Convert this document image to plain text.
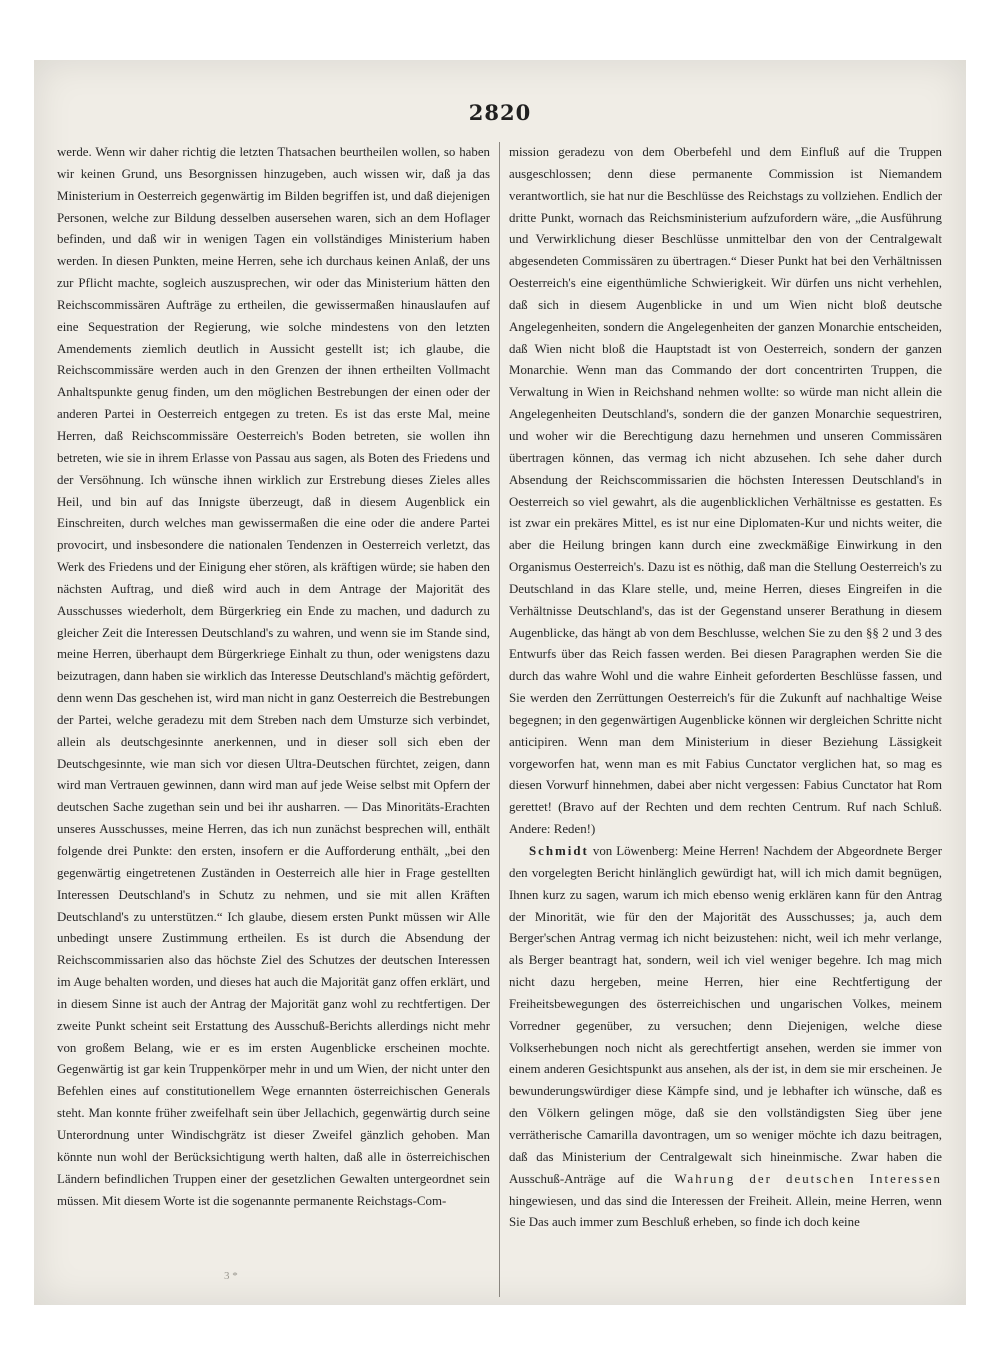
2820

werde. Wenn wir daher richtig die letzten Thatsachen beurtheilen wollen, so haben wir keinen Grund, uns Besorgnissen hinzugeben, auch wissen wir, daß ja das Ministerium in Oesterreich gegenwärtig im Bilden begriffen ist, und daß diejenigen Personen, welche zur Bildung desselben ausersehen waren, sich an dem Hoflager befinden, und daß wir in wenigen Tagen ein vollständiges Ministerium haben werden. In diesen Punkten, meine Herren, sehe ich durchaus keinen Anlaß, der uns zur Pflicht machte, sogleich auszusprechen, wir oder das Ministerium hätten den Reichscommissären Aufträge zu ertheilen, die gewissermaßen hinauslaufen auf eine Sequestration der Regierung, wie solche mindestens von den letzten Amendements ziemlich deutlich in Aussicht gestellt ist; ich glaube, die Reichscommissäre werden auch in den Grenzen der ihnen ertheilten Vollmacht Anhaltspunkte genug finden, um den möglichen Bestrebungen der einen oder der anderen Partei in Oesterreich entgegen zu treten. Es ist das erste Mal, meine Herren, daß Reichscommissäre Oesterreich's Boden betreten, sie wollen ihn betreten, wie sie in ihrem Erlasse von Passau aus sagen, als Boten des Friedens und der Versöhnung. Ich wünsche ihnen wirklich zur Erstrebung dieses Zieles alles Heil, und bin auf das Innigste überzeugt, daß in diesem Augenblick ein Einschreiten, durch welches man gewissermaßen die eine oder die andere Partei provocirt, und insbesondere die nationalen Tendenzen in Oesterreich verletzt, das Werk des Friedens und der Einigung eher stören, als kräftigen würde; sie haben den nächsten Auftrag, und dieß wird auch in dem Antrage der Majorität des Ausschusses wiederholt, dem Bürgerkrieg ein Ende zu machen, und dadurch zu gleicher Zeit die Interessen Deutschland's zu wahren, und wenn sie im Stande sind, meine Herren, überhaupt dem Bürgerkriege Einhalt zu thun, oder wenigstens dazu beizutragen, dann haben sie wirklich das Interesse Deutschland's mächtig gefördert, denn wenn Das geschehen ist, wird man nicht in ganz Oesterreich die Bestrebungen der Partei, welche geradezu mit dem Streben nach dem Umsturze sich verbindet, allein als deutschgesinnte anerkennen, und in dieser soll sich eben der Deutschgesinnte, wie man sich vor diesen Ultra-Deutschen fürchtet, zeigen, dann wird man Vertrauen gewinnen, dann wird man auf jede Weise selbst mit Opfern der deutschen Sache zugethan sein und bei ihr ausharren. — Das Minoritäts-Erachten unseres Ausschusses, meine Herren, das ich nun zunächst besprechen will, enthält folgende drei Punkte: den ersten, insofern er die Aufforderung enthält, „bei den gegenwärtig eingetretenen Zuständen in Oesterreich alle hier in Frage gestellten Interessen Deutschland's in Schutz zu nehmen, und sie mit allen Kräften Deutschland's zu unterstützen.“ Ich glaube, diesem ersten Punkt müssen wir Alle unbedingt unsere Zustimmung ertheilen. Es ist durch die Absendung der Reichscommissarien also das höchste Ziel des Schutzes der deutschen Interessen im Auge behalten worden, und dieses hat auch die Majorität ganz offen erklärt, und in diesem Sinne ist auch der Antrag der Majorität ganz wohl zu rechtfertigen. Der zweite Punkt scheint seit Erstattung des Ausschuß-Berichts allerdings nicht mehr von großem Belang, wie er es im ersten Augenblicke erscheinen mochte. Gegenwärtig ist gar kein Truppenkörper mehr in und um Wien, der nicht unter den Befehlen eines auf constitutionellem Wege ernannten österreichischen Generals steht. Man konnte früher zweifelhaft sein über Jellachich, gegenwärtig durch seine Unterordnung unter Windischgrätz ist dieser Zweifel gänzlich gehoben. Man könnte nun wohl der Berücksichtigung werth halten, daß alle in österreichischen Ländern befindlichen Truppen einer der gesetzlichen Gewalten untergeordnet sein müssen. Mit diesem Worte ist die sogenannte permanente Reichstags-Com-

mission geradezu von dem Oberbefehl und dem Einfluß auf die Truppen ausgeschlossen; denn diese permanente Commission ist Niemandem verantwortlich, sie hat nur die Beschlüsse des Reichstags zu vollziehen. Endlich der dritte Punkt, wornach das Reichsministerium aufzufordern wäre, „die Ausführung und Verwirklichung dieser Beschlüsse unmittelbar den von der Centralgewalt abgesendeten Commissären zu übertragen.“ Dieser Punkt hat bei den Verhältnissen Oesterreich's eine eigenthümliche Schwierigkeit. Wir dürfen uns nicht verhehlen, daß sich in diesem Augenblicke in und um Wien nicht bloß deutsche Angelegenheiten, sondern die Angelegenheiten der ganzen Monarchie entscheiden, daß Wien nicht bloß die Hauptstadt ist von Oesterreich, sondern der ganzen Monarchie. Wenn man das Commando der dort concentrirten Truppen, die Verwaltung in Wien in Reichshand nehmen wollte: so würde man nicht allein die Angelegenheiten Deutschland's, sondern die der ganzen Monarchie sequestriren, und woher wir die Berechtigung dazu hernehmen und unseren Commissären übertragen können, das vermag ich nicht abzusehen. Ich sehe daher durch Absendung der Reichscommissarien die höchsten Interessen Deutschland's in Oesterreich so viel gewahrt, als die augenblicklichen Verhältnisse es gestatten. Es ist zwar ein prekäres Mittel, es ist nur eine Diplomaten-Kur und nichts weiter, die aber die Heilung bringen kann durch eine zweckmäßige Einwirkung in den Organismus Oesterreich's. Dazu ist es nöthig, daß man die Stellung Oesterreich's zu Deutschland in das Klare stelle, und, meine Herren, dieses Eingreifen in die Verhältnisse Deutschland's, das ist der Gegenstand unserer Berathung in diesem Augenblicke, das hängt ab von dem Beschlusse, welchen Sie zu den §§ 2 und 3 des Entwurfs über das Reich fassen werden. Bei diesen Paragraphen werden Sie die durch das wahre Wohl und die wahre Einheit geforderten Beschlüsse fassen, und Sie werden den Zerrüttungen Oesterreich's für die Zukunft auf nachhaltige Weise begegnen; in den gegenwärtigen Augenblicke können wir dergleichen Schritte nicht anticipiren. Wenn man dem Ministerium in dieser Beziehung Lässigkeit vorgeworfen hat, wenn man es mit Fabius Cunctator verglichen hat, so mag es diesen Vorwurf hinnehmen, dabei aber nicht vergessen: Fabius Cunctator hat Rom gerettet! (Bravo auf der Rechten und dem rechten Centrum. Ruf nach Schluß. Andere: Reden!)

Schmidt von Löwenberg: Meine Herren! Nachdem der Abgeordnete Berger den vorgelegten Bericht hinlänglich gewürdigt hat, will ich mich damit begnügen, Ihnen kurz zu sagen, warum ich mich ebenso wenig erklären kann für den Antrag der Minorität, wie für den der Majorität des Ausschusses; ja, auch dem Berger'schen Antrag vermag ich nicht beizustehen: nicht, weil ich mehr verlange, als Berger beantragt hat, sondern, weil ich viel weniger begehre. Ich mag mich nicht dazu hergeben, meine Herren, hier eine Rechtfertigung der Freiheitsbewegungen des österreichischen und ungarischen Volkes, meinem Vorredner gegenüber, zu versuchen; denn Diejenigen, welche diese Volkserhebungen noch nicht als gerechtfertigt ansehen, werden sie immer von einem anderen Gesichtspunkt aus ansehen, als der ist, in dem sie mir erscheinen. Je bewunderungswürdiger diese Kämpfe sind, und je lebhafter ich wünsche, daß es den Völkern gelingen möge, daß sie den vollständigsten Sieg über jene verrätherische Camarilla davontragen, um so weniger möchte ich dazu beitragen, daß das Ministerium der Centralgewalt sich hineinmische. Zwar haben die Ausschuß-Anträge auf die Wahrung der deutschen Interessen hingewiesen, und das sind die Interessen der Freiheit. Allein, meine Herren, wenn Sie Das auch immer zum Beschluß erheben, so finde ich doch keine

3 *
